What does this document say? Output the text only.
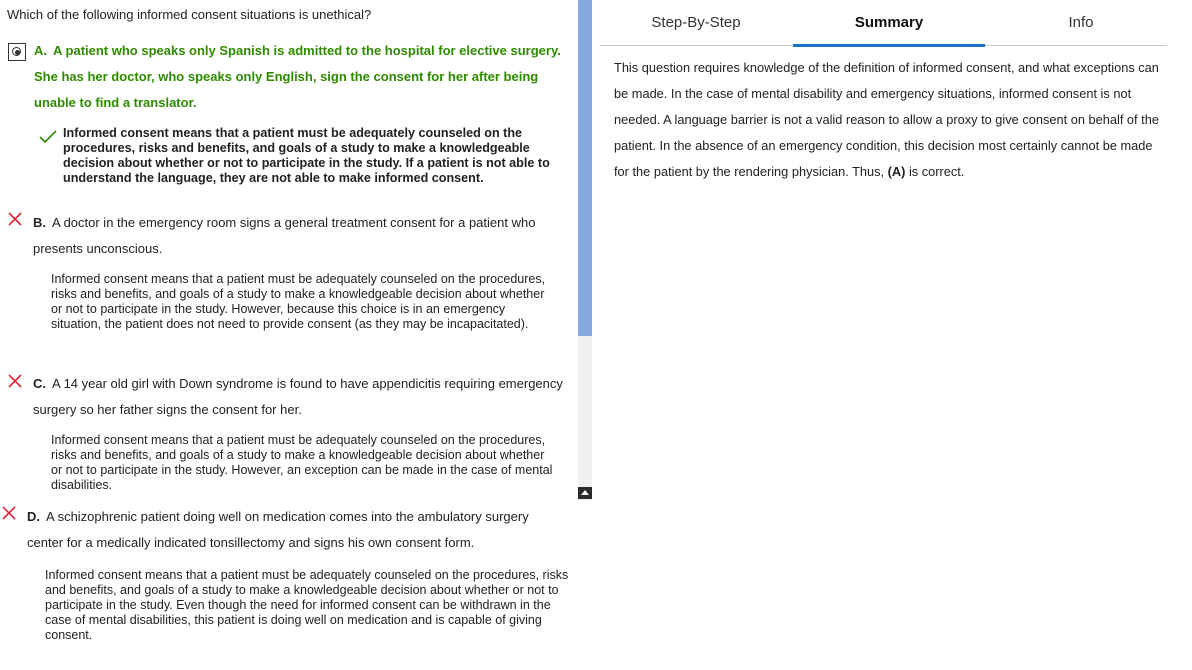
Which of the following informed consent situations is unethical?
A. A patient who speaks only Spanish is admitted to the hospital for elective surgery. She has her doctor, who speaks only English, sign the consent for her after being unable to find a translator.
Informed consent means that a patient must be adequately counseled on the procedures, risks and benefits, and goals of a study to make a knowledgeable decision about whether or not to participate in the study. If a patient is not able to understand the language, they are not able to make informed consent.
B. A doctor in the emergency room signs a general treatment consent for a patient who presents unconscious.
Informed consent means that a patient must be adequately counseled on the procedures, risks and benefits, and goals of a study to make a knowledgeable decision about whether or not to participate in the study. However, because this choice is in an emergency situation, the patient does not need to provide consent (as they may be incapacitated).
C. A 14 year old girl with Down syndrome is found to have appendicitis requiring emergency surgery so her father signs the consent for her.
Informed consent means that a patient must be adequately counseled on the procedures, risks and benefits, and goals of a study to make a knowledgeable decision about whether or not to participate in the study. However, an exception can be made in the case of mental disabilities.
D. A schizophrenic patient doing well on medication comes into the ambulatory surgery center for a medically indicated tonsillectomy and signs his own consent form.
Informed consent means that a patient must be adequately counseled on the procedures, risks and benefits, and goals of a study to make a knowledgeable decision about whether or not to participate in the study. Even though the need for informed consent can be withdrawn in the case of mental disabilities, this patient is doing well on medication and is capable of giving consent.
Step-By-Step	Summary	Info
This question requires knowledge of the definition of informed consent, and what exceptions can be made. In the case of mental disability and emergency situations, informed consent is not needed. A language barrier is not a valid reason to allow a proxy to give consent on behalf of the patient. In the absence of an emergency condition, this decision most certainly cannot be made for the patient by the rendering physician. Thus, (A) is correct.
